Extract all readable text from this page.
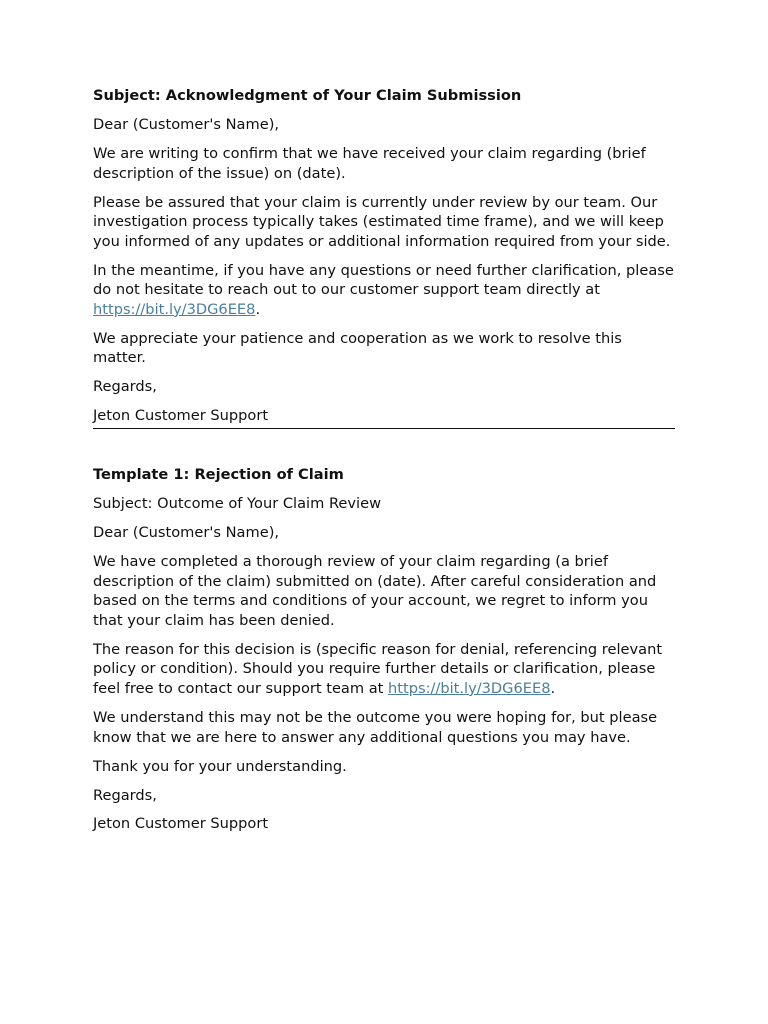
Subject: Acknowledgment of Your Claim Submission

Dear (Customer's Name),

We are writing to confirm that we have received your claim regarding (brief description of the issue) on (date).

Please be assured that your claim is currently under review by our team. Our investigation process typically takes (estimated time frame), and we will keep you informed of any updates or additional information required from your side.

In the meantime, if you have any questions or need further clarification, please do not hesitate to reach out to our customer support team directly at https://bit.ly/3DG6EE8.

We appreciate your patience and cooperation as we work to resolve this matter.

Regards,

Jeton Customer Support

Template 1: Rejection of Claim

Subject: Outcome of Your Claim Review

Dear (Customer's Name),

We have completed a thorough review of your claim regarding (a brief description of the claim) submitted on (date). After careful consideration and based on the terms and conditions of your account, we regret to inform you that your claim has been denied.

The reason for this decision is (specific reason for denial, referencing relevant policy or condition). Should you require further details or clarification, please feel free to contact our support team at https://bit.ly/3DG6EE8.

We understand this may not be the outcome you were hoping for, but please know that we are here to answer any additional questions you may have.

Thank you for your understanding.

Regards,

Jeton Customer Support
